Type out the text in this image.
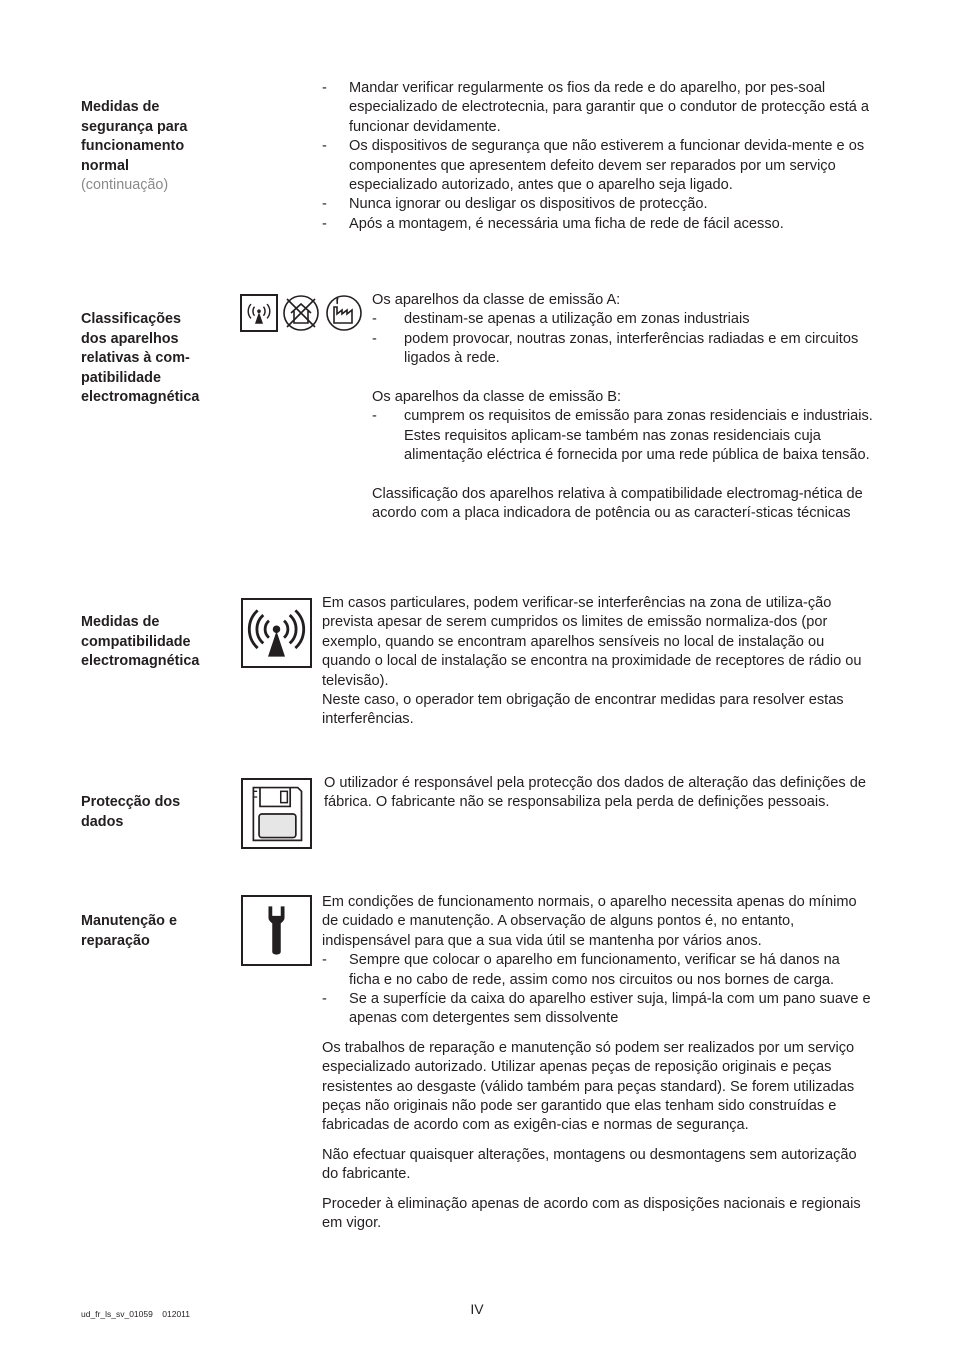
Medidas de
segurança para
funcionamento
normal

(continuação)

- Mandar verificar regularmente os fios da rede e do aparelho, por pes-soal especializado de electrotecnia, para garantir que o condutor de protecção está a funcionar devidamente.
- Os dispositivos de segurança que não estiverem a funcionar devida-mente e os componentes que apresentem defeito devem ser reparados por um serviço especializado autorizado, antes que o aparelho seja ligado.
- Nunca ignorar ou desligar os dispositivos de protecção.
- Após a montagem, é necessária uma ficha de rede de fácil acesso.

Classificações
dos aparelhos
relativas à com-
patibilidade
electromagnética

Os aparelhos da classe de emissão A:

- destinam-se apenas a utilização em zonas industriais
- podem provocar, noutras zonas, interferências radiadas e em circuitos ligados à rede.

Os aparelhos da classe de emissão B:

- cumprem os requisitos de emissão para zonas residenciais e industriais. Estes requisitos aplicam-se também nas zonas residenciais cuja alimentação eléctrica é fornecida por uma rede pública de baixa tensão.

Classificação dos aparelhos relativa à compatibilidade electromag-nética de acordo com a placa indicadora de potência ou as caracterí-sticas técnicas

Medidas de
compatibilidade
electromagnética

Em casos particulares, podem verificar-se interferências na zona de utiliza-ção prevista apesar de serem cumpridos os limites de emissão normaliza-dos (por exemplo, quando se encontram aparelhos sensíveis no local de instalação ou quando o local de instalação se encontra na proximidade de receptores de rádio ou televisão).

Neste caso, o operador tem obrigação de encontrar medidas para resolver estas interferências.

Protecção dos
dados

O utilizador é responsável pela protecção dos dados de alteração das definições de fábrica. O fabricante não se responsabiliza pela perda de definições pessoais.

Manutenção e
reparação

Em condições de funcionamento normais, o aparelho necessita apenas do mínimo de cuidado e manutenção. A observação de alguns pontos é, no entanto, indispensável para que a sua vida útil se mantenha por vários anos.

- Sempre que colocar o aparelho em funcionamento, verificar se há danos na ficha e no cabo de rede, assim como nos circuitos ou nos bornes de carga.
- Se a superfície da caixa do aparelho estiver suja, limpá-la com um pano suave e apenas com detergentes sem dissolvente

Os trabalhos de reparação e manutenção só podem ser realizados por um serviço especializado autorizado. Utilizar apenas peças de reposição originais e peças resistentes ao desgaste (válido também para peças standard). Se forem utilizadas peças não originais não pode ser garantido que elas tenham sido construídas e fabricadas de acordo com as exigên-cias e normas de segurança.

Não efectuar quaisquer alterações, montagens ou desmontagens sem autorização do fabricante.

Proceder à eliminação apenas de acordo com as disposições nacionais e regionais em vigor.

ud_fr_ls_sv_01059    012011	IV
